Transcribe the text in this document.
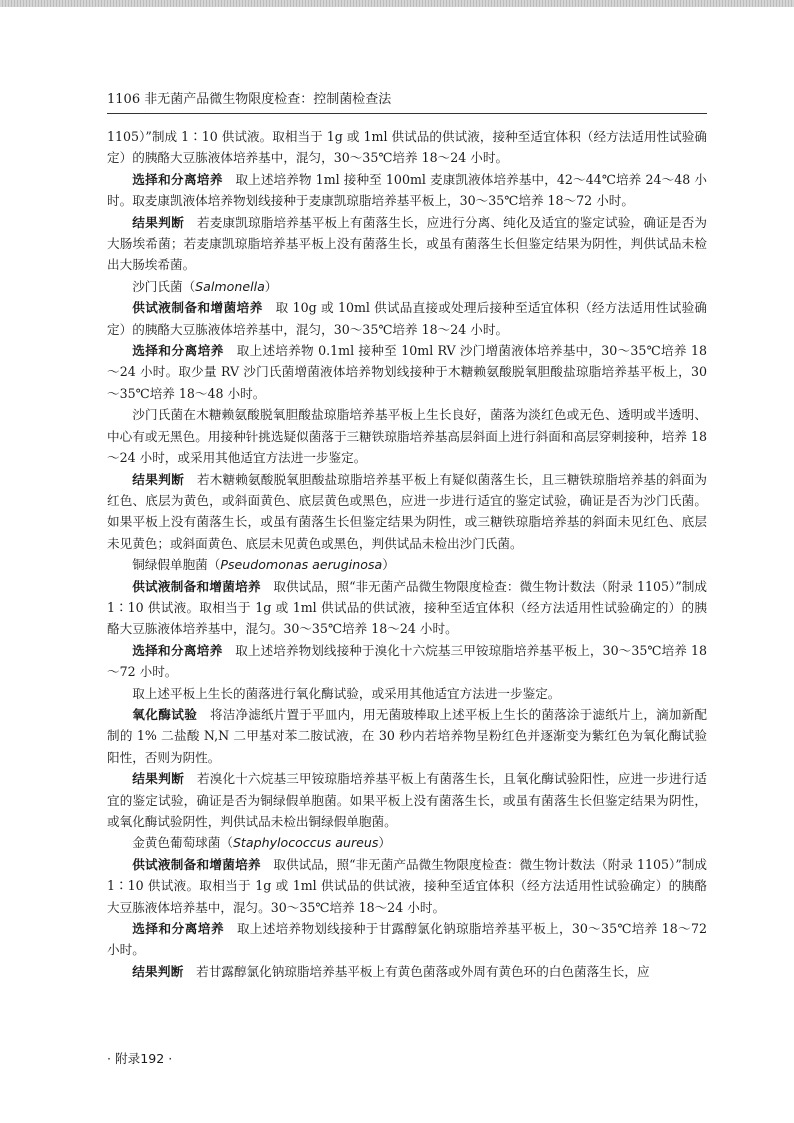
1106 非无菌产品微生物限度检查：控制菌检查法

1105）”制成 1∶10 供试液。取相当于 1g 或 1ml 供试品的供试液，接种至适宜体积（经方法适用性试验确定）的胰酪大豆胨液体培养基中，混匀，30～35℃培养 18～24 小时。

选择和分离培养　 取上述培养物 1ml 接种至 100ml 麦康凯液体培养基中，42～44℃培养 24～48 小时。取麦康凯液体培养物划线接种于麦康凯琼脂培养基平板上，30～35℃培养 18～72 小时。

结果判断　 若麦康凯琼脂培养基平板上有菌落生长，应进行分离、纯化及适宜的鉴定试验，确证是否为大肠埃希菌；若麦康凯琼脂培养基平板上没有菌落生长，或虽有菌落生长但鉴定结果为阴性，判供试品未检出大肠埃希菌。

沙门氏菌（Salmonella）

供试液制备和增菌培养　 取 10g 或 10ml 供试品直接或处理后接种至适宜体积（经方法适用性试验确定）的胰酪大豆胨液体培养基中，混匀，30～35℃培养 18～24 小时。

选择和分离培养　 取上述培养物 0.1ml 接种至 10ml RV 沙门增菌液体培养基中，30～35℃培养 18～24 小时。取少量 RV 沙门氏菌增菌液体培养物划线接种于木糖赖氨酸脱氧胆酸盐琼脂培养基平板上，30～35℃培养 18～48 小时。

沙门氏菌在木糖赖氨酸脱氧胆酸盐琼脂培养基平板上生长良好，菌落为淡红色或无色、透明或半透明、中心有或无黑色。用接种针挑选疑似菌落于三糖铁琼脂培养基高层斜面上进行斜面和高层穿刺接种，培养 18～24 小时，或采用其他适宜方法进一步鉴定。

结果判断　 若木糖赖氨酸脱氧胆酸盐琼脂培养基平板上有疑似菌落生长，且三糖铁琼脂培养基的斜面为红色、底层为黄色，或斜面黄色、底层黄色或黑色，应进一步进行适宜的鉴定试验，确证是否为沙门氏菌。如果平板上没有菌落生长，或虽有菌落生长但鉴定结果为阴性，或三糖铁琼脂培养基的斜面未见红色、底层未见黄色；或斜面黄色、底层未见黄色或黑色，判供试品未检出沙门氏菌。

铜绿假单胞菌（Pseudomonas aeruginosa）

供试液制备和增菌培养　 取供试品，照“非无菌产品微生物限度检查：微生物计数法（附录 1105）”制成 1∶10 供试液。取相当于 1g 或 1ml 供试品的供试液，接种至适宜体积（经方法适用性试验确定的）的胰酪大豆胨液体培养基中，混匀。30～35℃培养 18～24 小时。

选择和分离培养　 取上述培养物划线接种于溴化十六烷基三甲铵琼脂培养基平板上，30～35℃培养 18～72 小时。

取上述平板上生长的菌落进行氧化酶试验，或采用其他适宜方法进一步鉴定。

氧化酶试验　 将洁净滤纸片置于平皿内，用无菌玻棒取上述平板上生长的菌落涂于滤纸片上，滴加新配制的 1% 二盐酸 N,N 二甲基对苯二胺试液，在 30 秒内若培养物呈粉红色并逐渐变为紫红色为氧化酶试验阳性，否则为阴性。

结果判断　 若溴化十六烷基三甲铵琼脂培养基平板上有菌落生长，且氧化酶试验阳性，应进一步进行适宜的鉴定试验，确证是否为铜绿假单胞菌。如果平板上没有菌落生长，或虽有菌落生长但鉴定结果为阴性，或氧化酶试验阴性，判供试品未检出铜绿假单胞菌。

金黄色葡萄球菌（Staphylococcus aureus）

供试液制备和增菌培养　 取供试品，照“非无菌产品微生物限度检查：微生物计数法（附录 1105）”制成 1∶10 供试液。取相当于 1g 或 1ml 供试品的供试液，接种至适宜体积（经方法适用性试验确定）的胰酪大豆胨液体培养基中，混匀。30～35℃培养 18～24 小时。

选择和分离培养　 取上述培养物划线接种于甘露醇氯化钠琼脂培养基平板上，30～35℃培养 18～72 小时。

结果判断　 若甘露醇氯化钠琼脂培养基平板上有黄色菌落或外周有黄色环的白色菌落生长，应

· 附录192 ·
